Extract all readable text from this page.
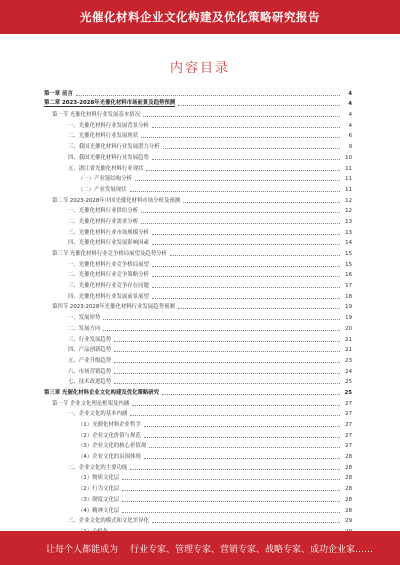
光催化材料企业文化构建及优化策略研究报告
内容目录
第一章 前言	4
第二章 2023-2028年光催化材料市场前景及趋势预测	4
第一节 光催化材料行业发展基本情况	4
一、光催化材料行业发展背景分析	4
二、光催化材料行业发展现状	6
三、我国光催化材料行业发展潜力分析	9
四、我国光催化材料行业发展趋势	10
五、浙江省光催化材料行业现状	11
（一）产业链结构分析	11
（二）产业发展现状	11
第二节 2023-2028年中国光催化材料市场分析及预测	12
一、光催化材料行业供给分析	12
二、光催化材料行业需求分析	13
三、光催化材料行业市场规模分析	13
四、光催化材料行业发展影响因素	14
第三节 光催化材料行业竞争格局展望及趋势分析	15
一、光催化材料行业竞争格局展望	15
二、光催化材料行业竞争策略分析	16
三、光催化材料行业竞争存在问题	17
四、光催化材料行业发展前景展望	18
第四节 2023-2028年光催化材料行业发展趋势预测	19
一、发展形势	19
二、发展方向	20
三、行业发展趋势	21
四、产品创新趋势	21
五、产业升级趋势	23
六、市场营销趋势	24
七、技术改进趋势	25
第三章 光催化材料企业文化构建及优化策略研究	25
第一节 企业文化理论框架及内涵	27
一、企业文化的基本内涵	27
（1）光催化材料企业哲学	27
（2）企业文化价值与规范	27
（3）企业文化的核心价值观	27
（4）企业文化的氛围体现	28
二、企业文化的主要功能	28
（1）物质文化层	28
（2）行为文化层	28
（3）制度文化层	28
（4）精神文化层	28
三、企业文化的模式和文化差异化	29
让每个人都能成为 行业专家、管理专家、营销专家、战略专家、成功企业家……
